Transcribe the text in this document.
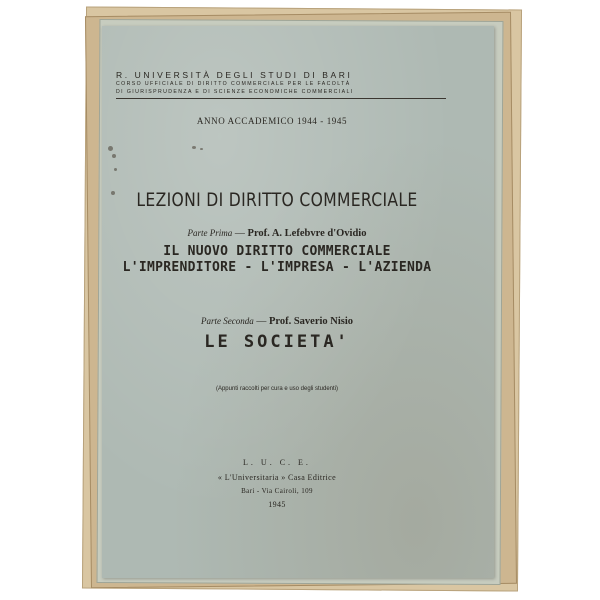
R. UNIVERSITÀ DEGLI STUDI DI BARI
CORSO UFFICIALE DI DIRITTO COMMERCIALE PER LE FACOLTÀ
DI GIURISPRUDENZA E DI SCIENZE ECONOMICHE COMMERCIALI
ANNO ACCADEMICO 1944 - 1945
LEZIONI DI DIRITTO COMMERCIALE
Parte Prima — Prof. A. Lefebvre d'Ovidio
IL NUOVO DIRITTO COMMERCIALE
L'IMPRENDITORE - L'IMPRESA - L'AZIENDA
Parte Seconda — Prof. Saverio Nisio
LE SOCIETA'
(Appunti raccolti per cura e uso degli studenti)
L. U. C. E.
« L'Universitaria » Casa Editrice
Bari - Via Cairoli, 109
1945
